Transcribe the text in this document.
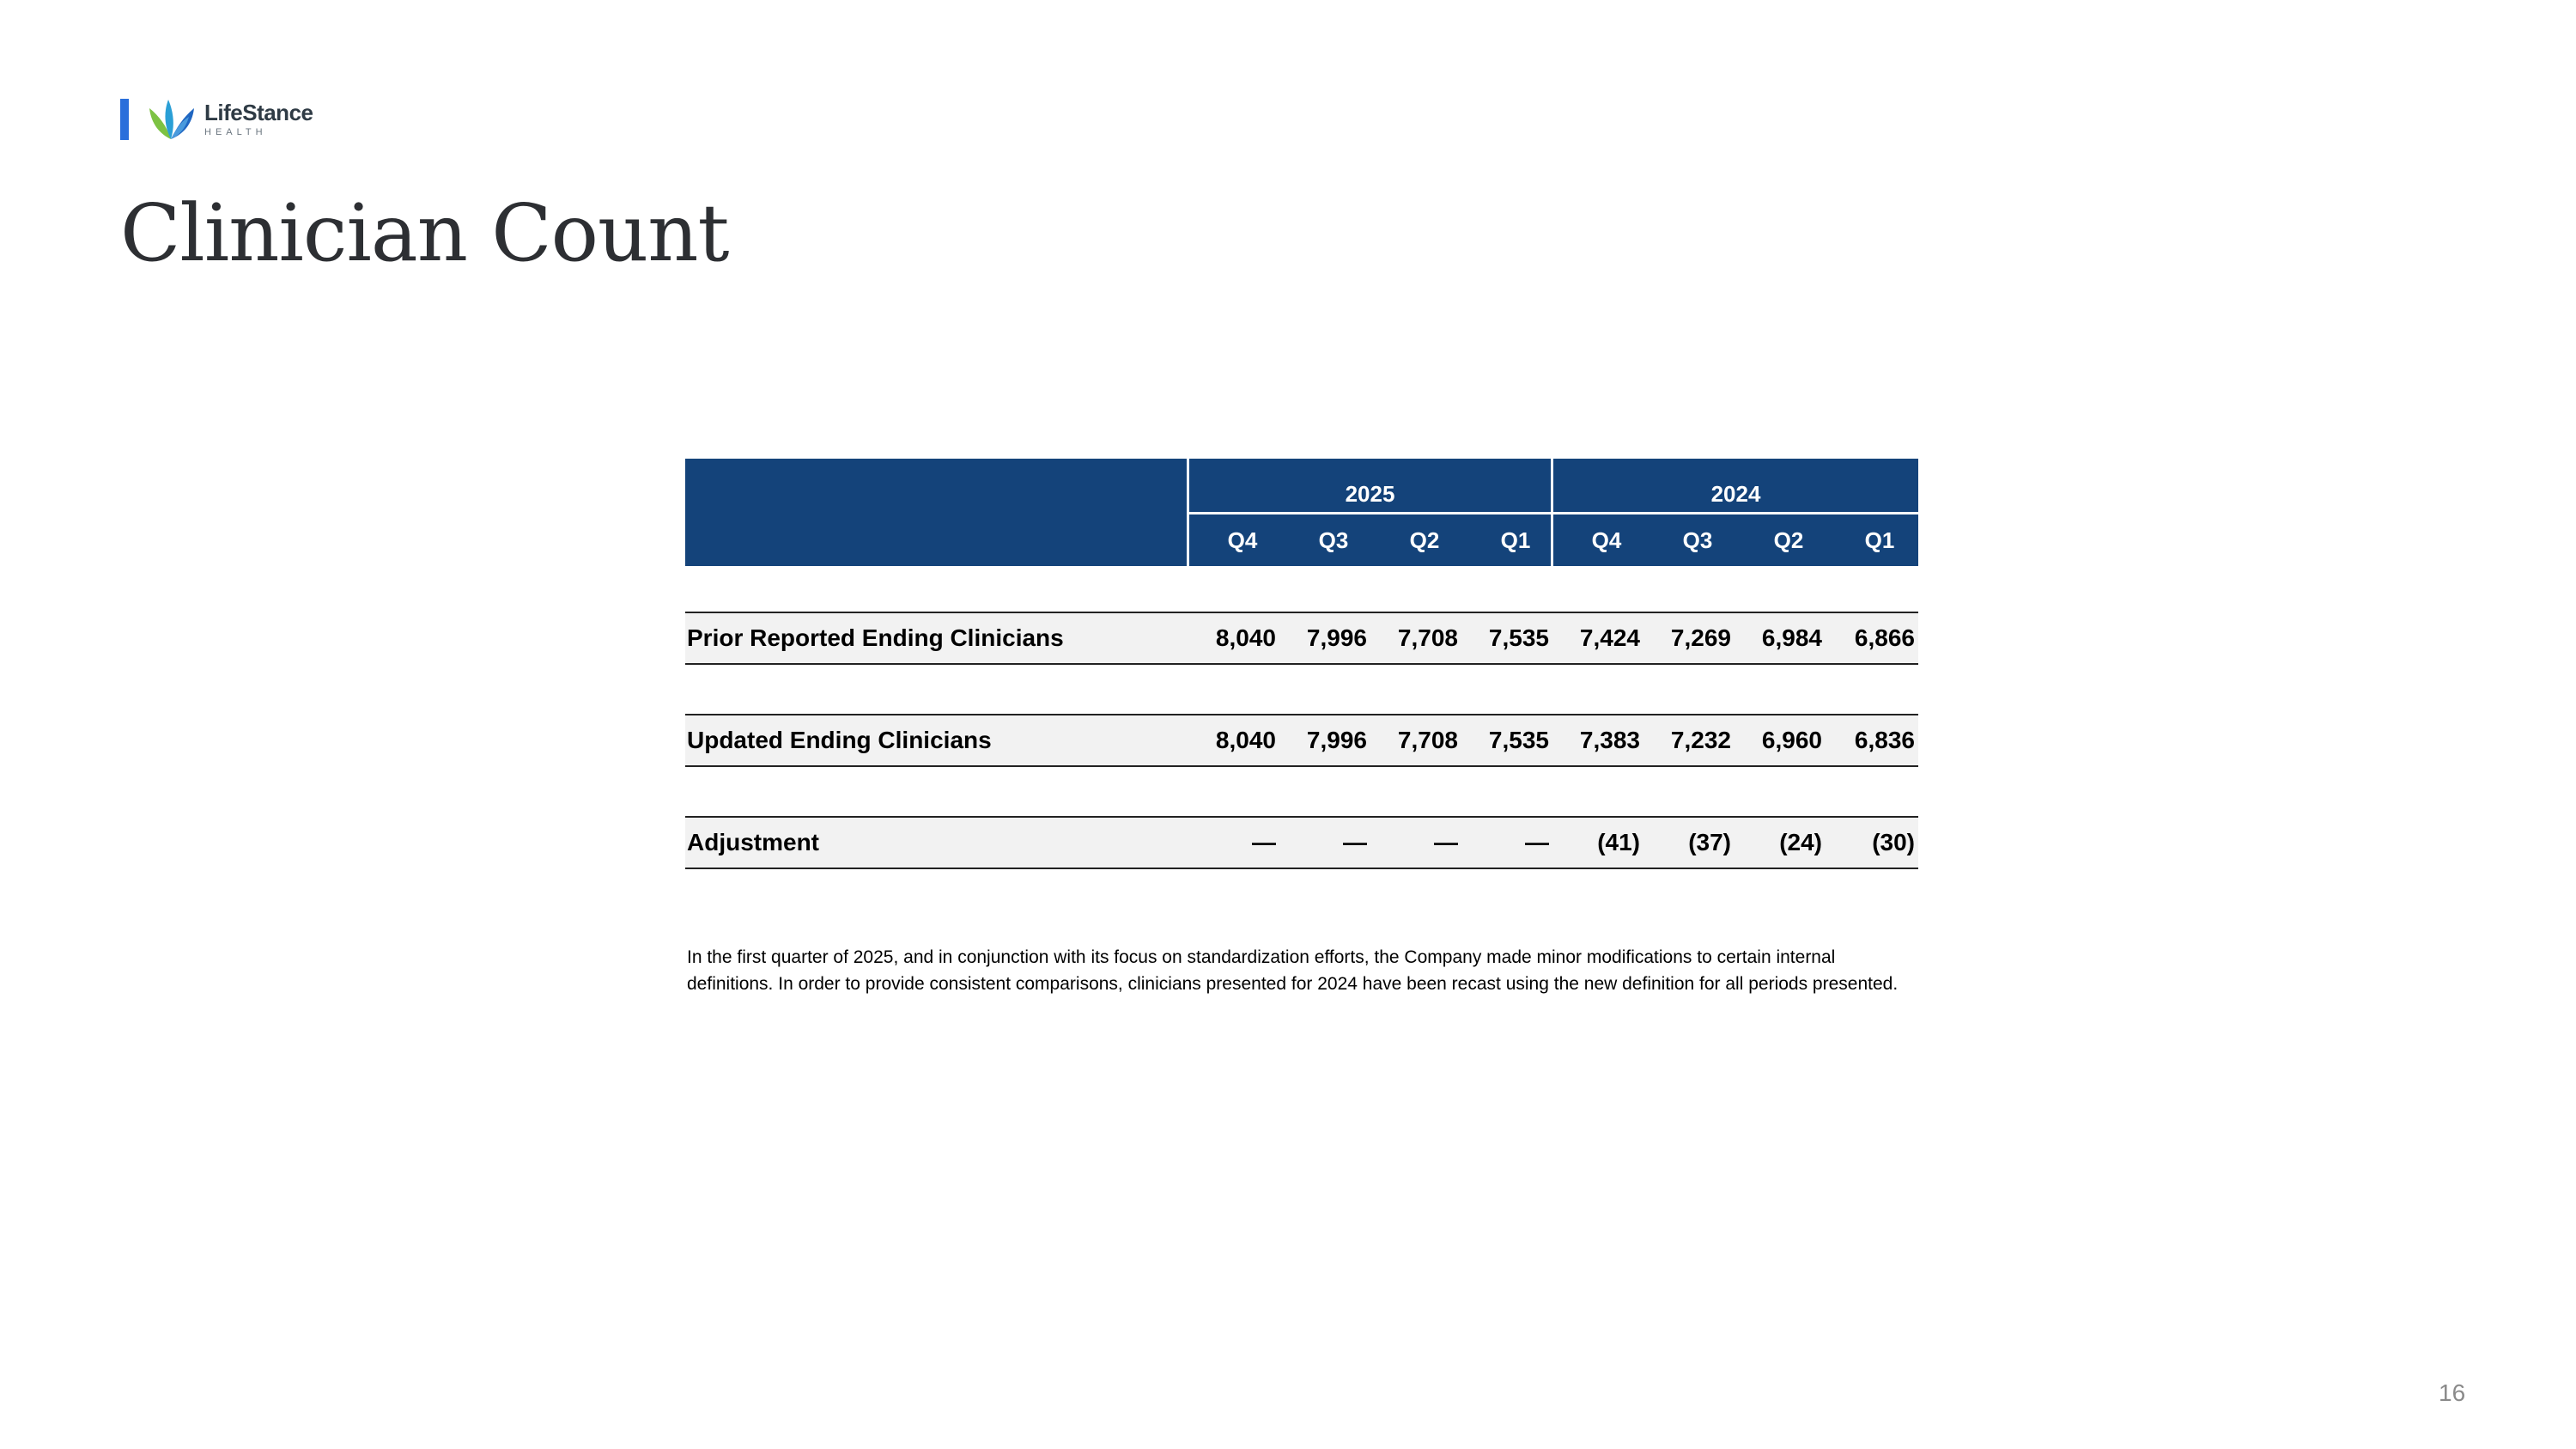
LifeStance
HEALTH
Clinician Count
2025	2024
Q4	Q3	Q2	Q1	Q4	Q3	Q2	Q1
Prior Reported Ending Clinicians	8,040	7,996	7,708	7,535	7,424	7,269	6,984	6,866
Updated Ending Clinicians	8,040	7,996	7,708	7,535	7,383	7,232	6,960	6,836
Adjustment	—	—	—	—	(41)	(37)	(24)	(30)

In the first quarter of 2025, and in conjunction with its focus on standardization efforts, the Company made minor modifications to certain internal definitions. In order to provide consistent comparisons, clinicians presented for 2024 have been recast using the new definition for all periods presented.

16
